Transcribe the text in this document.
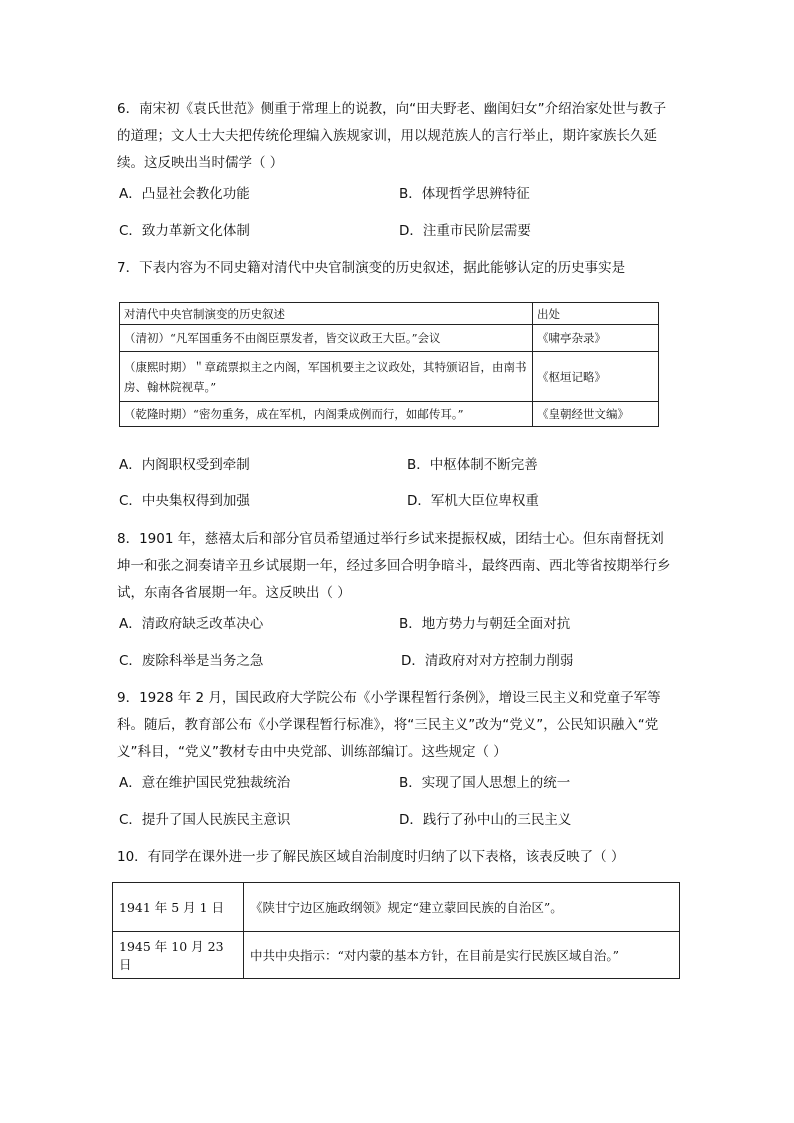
6．南宋初《袁氏世范》侧重于常理上的说教，向“田夫野老、幽闺妇女”介绍治家处世与教子的道理；文人士大夫把传统伦理编入族规家训，用以规范族人的言行举止，期许家族长久延续。这反映出当时儒学（ ）

A．凸显社会教化功能	B．体现哲学思辨特征
C．致力革新文化体制	D．注重市民阶层需要
7．下表内容为不同史籍对清代中央官制演变的历史叙述，据此能够认定的历史事实是
对清代中央官制演变的历史叙述	出处
（清初）“凡军国重务不由阁臣票发者，皆交议政王大臣。”会议	《啸亭杂录》
（康熙时期）＂章疏票拟主之内阁，军国机要主之议政处，其特颁诏旨，由南书房、翰林院视草。”	《枢垣记略》
（乾隆时期）“密勿重务，成在军机，内阁秉成例而行，如邮传耳。”	《皇朝经世文编》
A．内阁职权受到牵制	B．中枢体制不断完善
C．中央集权得到加强	D．军机大臣位卑权重

8．1901 年，慈禧太后和部分官员希望通过举行乡试来提振权威，团结士心。但东南督抚刘坤一和张之洞奏请辛丑乡试展期一年，经过多回合明争暗斗，最终西南、西北等省按期举行乡试，东南各省展期一年。这反映出（ ）

A．清政府缺乏改革决心	B．地方势力与朝廷全面对抗
C．废除科举是当务之急	D．清政府对对方控制力削弱

9．1928 年 2 月，国民政府大学院公布《小学课程暂行条例》，增设三民主义和党童子军等科。随后，教育部公布《小学课程暂行标准》，将“三民主义”改为“党义”，公民知识融入“党义”科目，“党义”教材专由中央党部、训练部编订。这些规定（ ）

A．意在维护国民党独裁统治	B．实现了国人思想上的统一
C．提升了国人民族民主意识	D．践行了孙中山的三民主义
10．有同学在课外进一步了解民族区域自治制度时归纳了以下表格，该表反映了（ ）
1941 年 5 月 1 日	《陕甘宁边区施政纲领》规定“建立蒙回民族的自治区”。
1945 年 10 月 23 日	中共中央指示：“对内蒙的基本方针，在目前是实行民族区域自治。”
